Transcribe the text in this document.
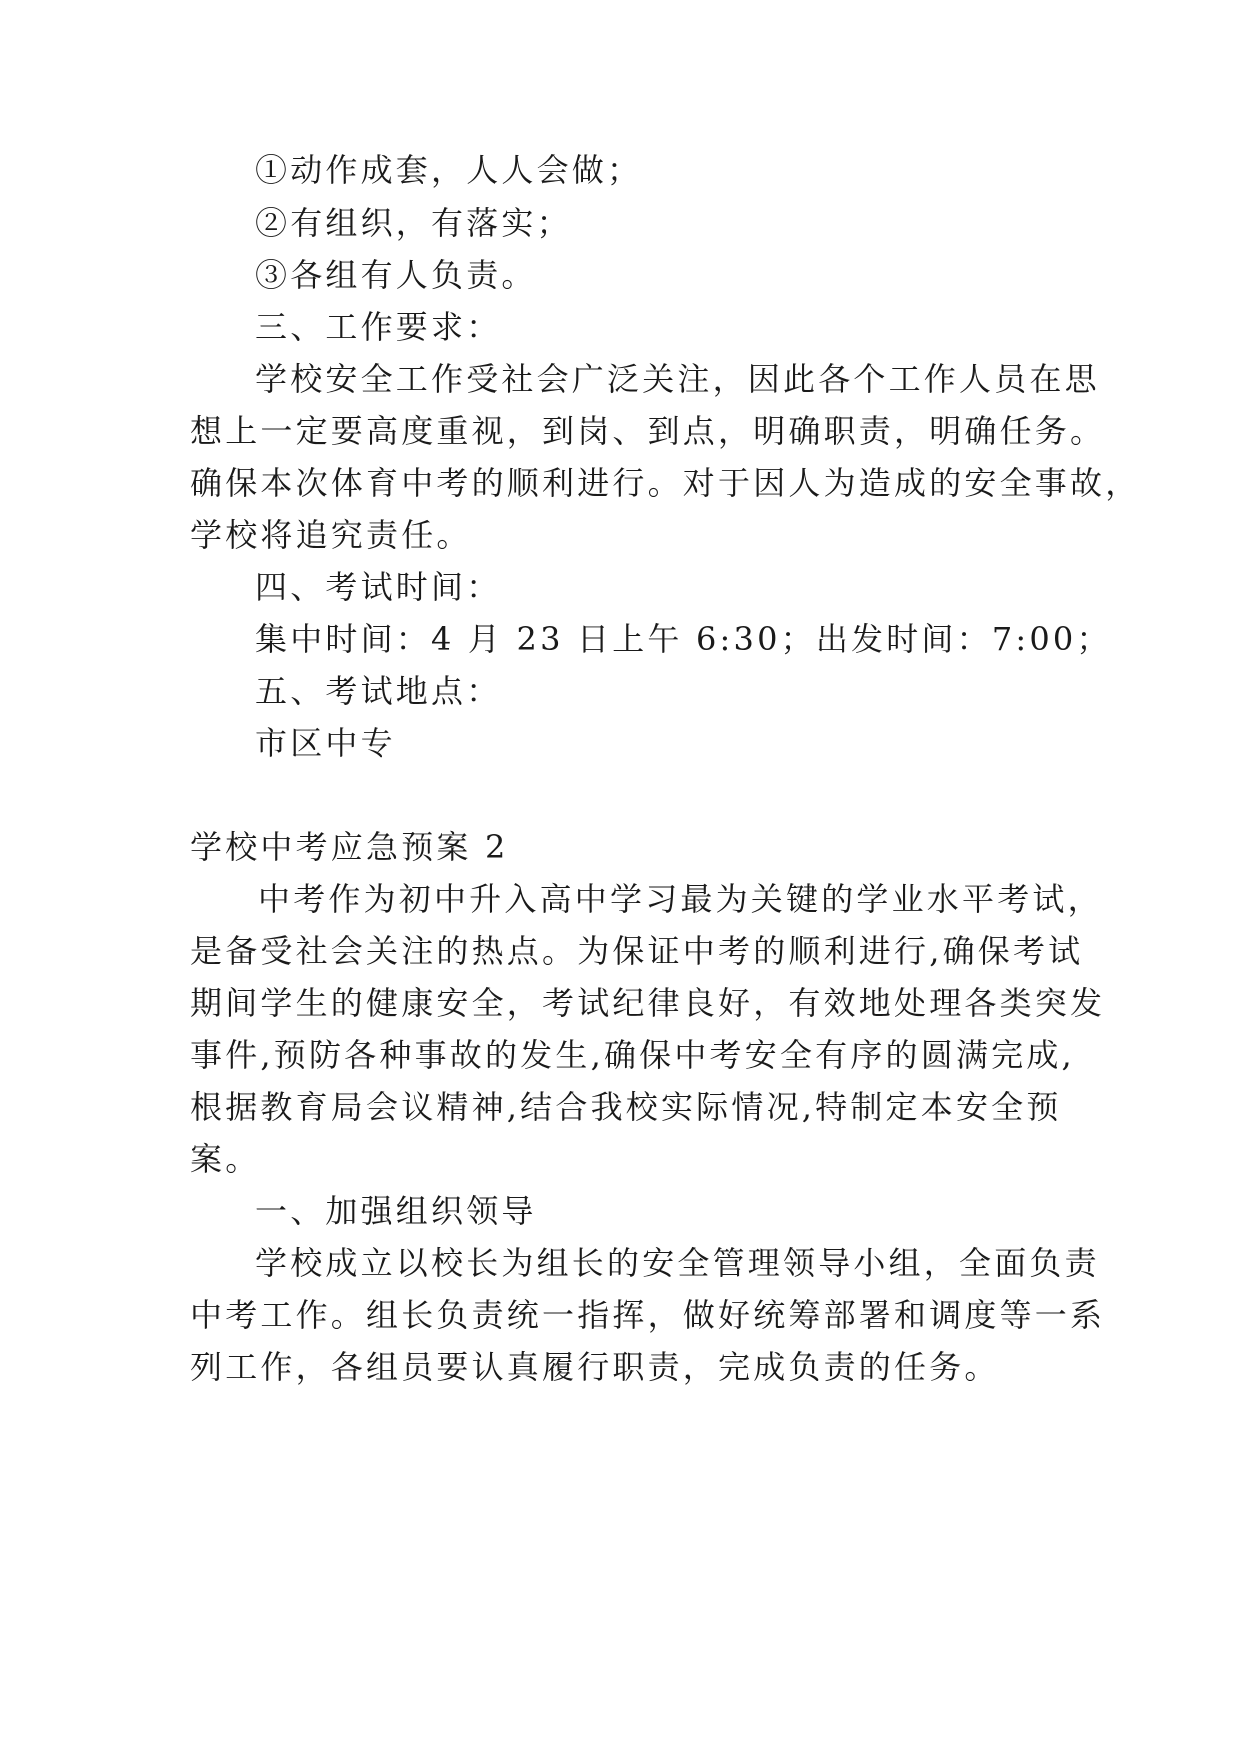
①动作成套，人人会做；
②有组织，有落实；
③各组有人负责。
三、工作要求：
学校安全工作受社会广泛关注，因此各个工作人员在思
想上一定要高度重视，到岗、到点，明确职责，明确任务。
确保本次体育中考的顺利进行。对于因人为造成的安全事故，
学校将追究责任。
四、考试时间：
集中时间：4 月 23 日上午 6:30；出发时间：7:00；
五、考试地点：
市区中专
学校中考应急预案 2
中考作为初中升入高中学习最为关键的学业水平考试，
是备受社会关注的热点。为保证中考的顺利进行,确保考试
期间学生的健康安全，考试纪律良好，有效地处理各类突发
事件,预防各种事故的发生,确保中考安全有序的圆满完成,
根据教育局会议精神,结合我校实际情况,特制定本安全预
案。
一、加强组织领导
学校成立以校长为组长的安全管理领导小组，全面负责
中考工作。组长负责统一指挥，做好统筹部署和调度等一系
列工作，各组员要认真履行职责，完成负责的任务。
